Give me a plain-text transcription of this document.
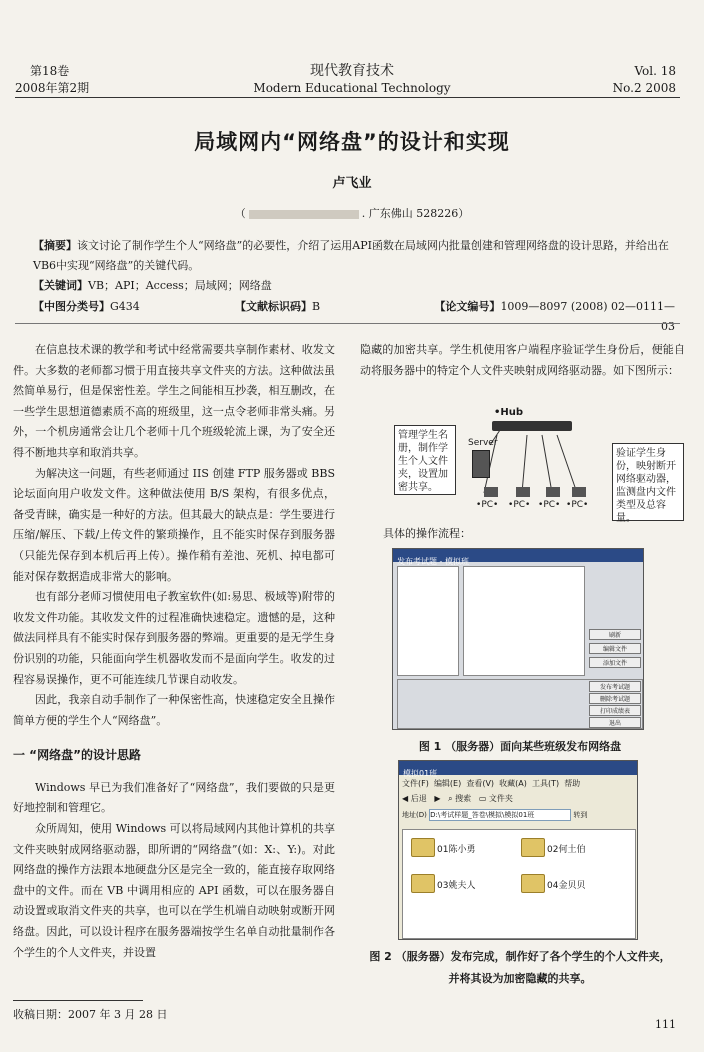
第18卷
2008年第2期
现代教育技术
Modern Educational Technology
Vol. 18
No.2 2008
局域网内“网络盘”的设计和实现
卢飞业
（	. 广东佛山 528226）
【摘要】该文讨论了制作学生个人“网络盘”的必要性，介绍了运用API函数在局域网内批量创建和管理网络盘的设计思路，并给出在VB6中实现“网络盘”的关键代码。
【关键词】VB；API；Access；局域网；网络盘
【中图分类号】G434	【文献标识码】B	【论文编号】1009—8097 (2008) 02—0111—03

在信息技术课的教学和考试中经常需要共享制作素材、收发文件。大多数的老师都习惯于用直接共享文件夹的方法。这种做法虽然简单易行，但是保密性差。学生之间能相互抄袭，相互删改，在一些学生思想道德素质不高的班级里，这一点令老师非常头痛。另外，一个机房通常会让几个老师十几个班级轮流上课，为了安全还得不断地共享和取消共享。

为解决这一问题，有些老师通过 IIS 创建 FTP 服务器或 BBS 论坛面向用户收发文件。这种做法使用 B/S 架构，有很多优点，备受青睐，确实是一种好的方法。但其最大的缺点是：学生要进行压缩/解压、下载/上传文件的繁琐操作，且不能实时保存到服务器（只能先保存到本机后再上传）。操作稍有差池、死机、掉电都可能对保存数据造成非常大的影响。

也有部分老师习惯使用电子教室软件(如:易思、极域等)附带的收发文件功能。其收发文件的过程准确快速稳定。遗憾的是，这种做法同样具有不能实时保存到服务器的弊端。更重要的是无学生身份识别的功能，只能面向学生机器收发而不是面向学生。收发的过程容易误操作，更不可能连续几节课自动收发。

因此，我亲自动手制作了一种保密性高，快速稳定安全且操作简单方便的学生个人“网络盘”。

一 “网络盘”的设计思路

Windows 早已为我们准备好了“网络盘”，我们要做的只是更好地控制和管理它。

众所周知，使用 Windows 可以将局域网内其他计算机的共享文件夹映射成网络驱动器，即所谓的“网络盘”(如：X:、Y:)。对此网络盘的操作方法跟本地硬盘分区是完全一致的，能直接存取网络盘中的文件。而在 VB 中调用相应的 API 函数，可以在服务器自动设置或取消文件夹的共享，也可以在学生机端自动映射或断开网络盘。因此，可以设计程序在服务器端按学生名单自动批量制作各个学生的个人文件夹，并设置

收稿日期：2007 年 3 月 28 日

隐藏的加密共享。学生机使用客户端程序验证学生身份后，便能自动将服务器中的特定个人文件夹映射成网络驱动器。如下图所示：

•Hub
Server
管理学生名册，制作学生个人文件夹，设置加密共享。
验证学生身份，映射断开网络驱动器，监测盘内文件类型及总容量。
•PC• •PC• •PC• •PC•
具体的操作流程：
发布考试题 - 模拟班
刷新
编辑文件
添加文件
发布考试题
删除考试题
打印成绩表
退出
图 1 （服务器）面向某些班级发布网络盘
模拟01班
文件(F) 编辑(E) 查看(V) 收藏(A) 工具(T) 帮助
◀ 后退 ▶ ⌕ 搜索 ▭ 文件夹
地址(D) D:\考试样题_答卷\模拟\模拟01班	转到
01陈小勇	02何土伯
03姚夫人	04金贝贝
图 2 （服务器）发布完成，制作好了各个学生的个人文件夹，
并将其设为加密隐藏的共享。
111
